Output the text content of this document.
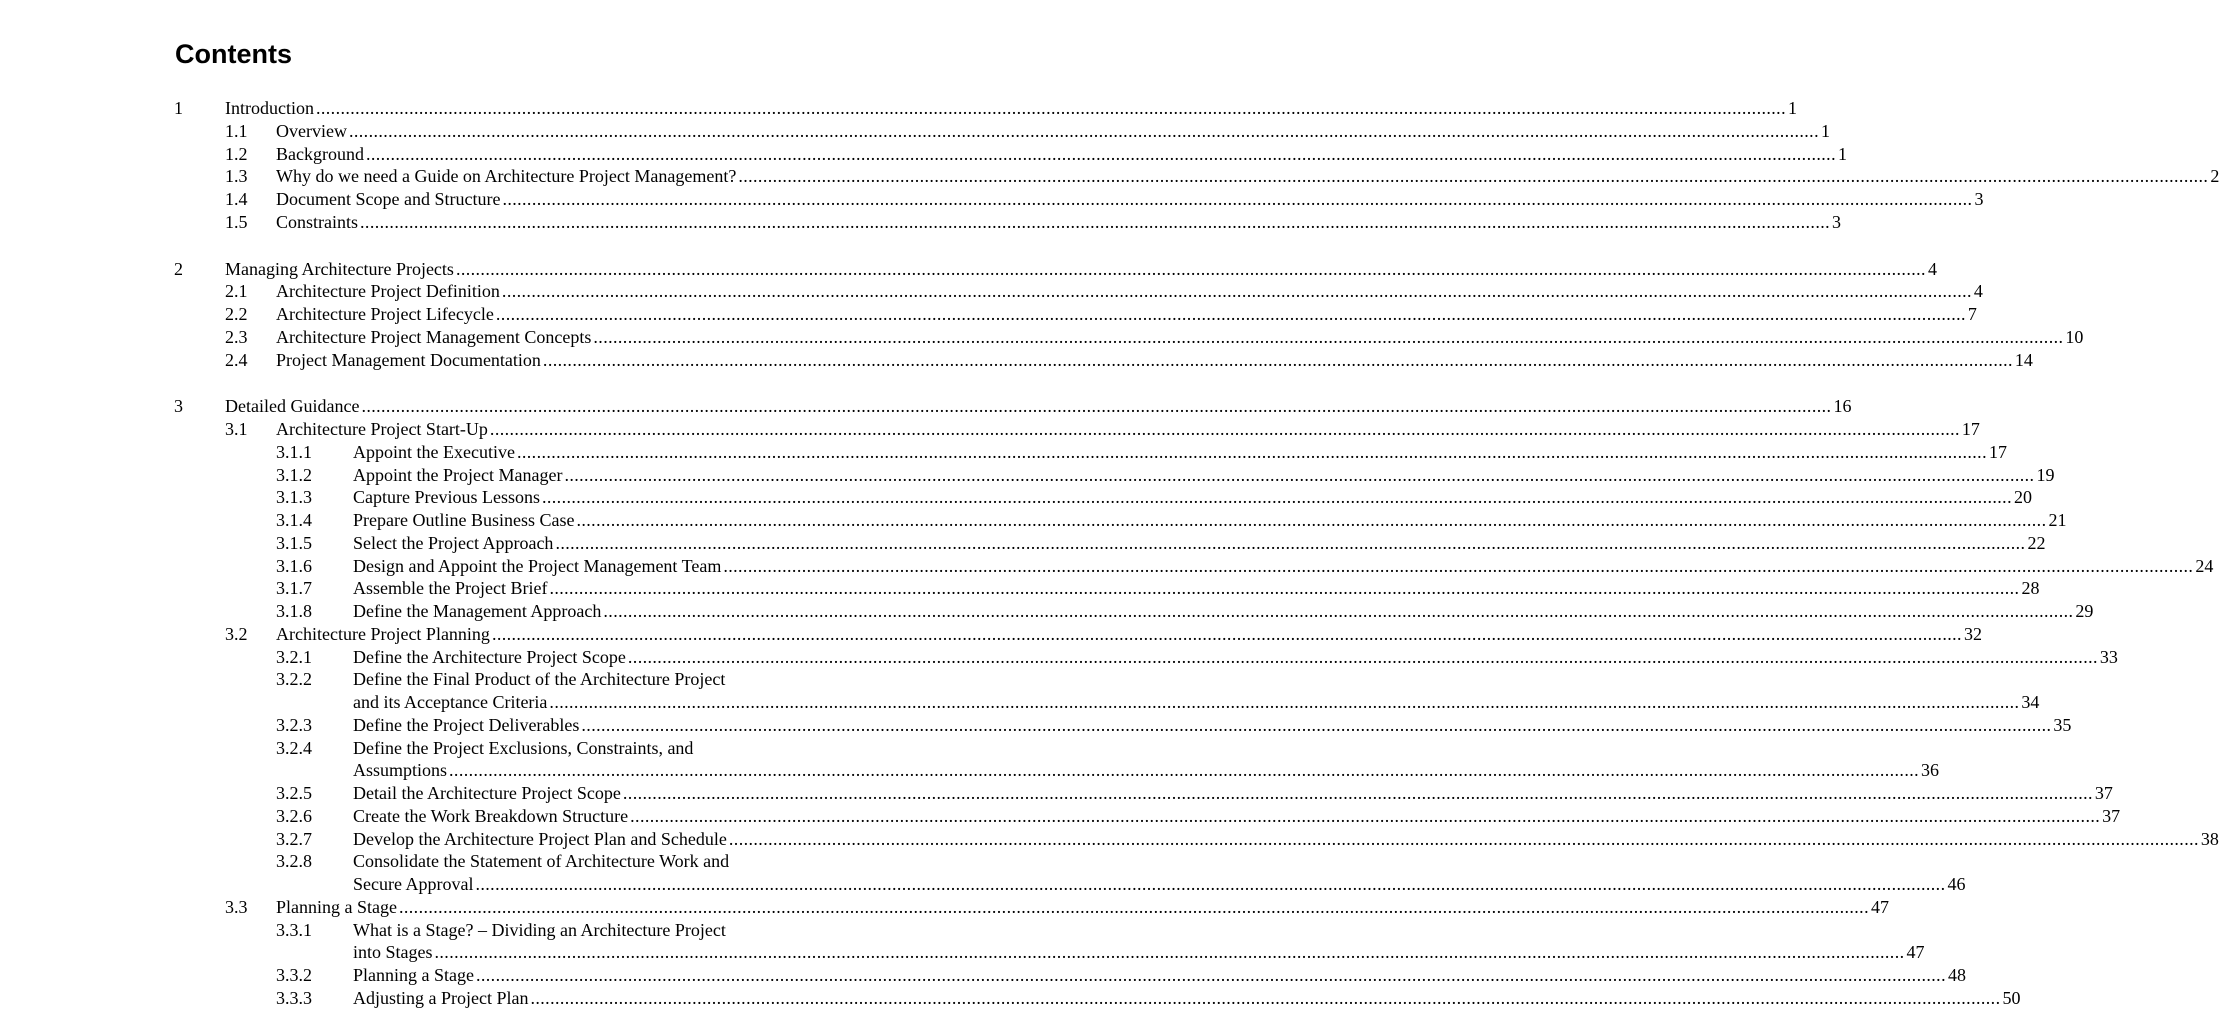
Contents
1 Introduction ............................................................................................................................................................................................................................................................................................................ 1
1.1 Overview ............................................................................................................................................................................................................................................................................................................ 1
1.2 Background ............................................................................................................................................................................................................................................................................................................ 1
1.3 Why do we need a Guide on Architecture Project Management? ............................................................................................................................................................................................................................................................................................................ 2
1.4 Document Scope and Structure ............................................................................................................................................................................................................................................................................................................ 3
1.5 Constraints ............................................................................................................................................................................................................................................................................................................ 3
2 Managing Architecture Projects ............................................................................................................................................................................................................................................................................................................ 4
2.1 Architecture Project Definition ............................................................................................................................................................................................................................................................................................................ 4
2.2 Architecture Project Lifecycle ............................................................................................................................................................................................................................................................................................................ 7
2.3 Architecture Project Management Concepts ............................................................................................................................................................................................................................................................................................................ 10
2.4 Project Management Documentation ............................................................................................................................................................................................................................................................................................................ 14
3 Detailed Guidance ............................................................................................................................................................................................................................................................................................................ 16
3.1 Architecture Project Start-Up ............................................................................................................................................................................................................................................................................................................ 17
3.1.1 Appoint the Executive ............................................................................................................................................................................................................................................................................................................ 17
3.1.2 Appoint the Project Manager ............................................................................................................................................................................................................................................................................................................ 19
3.1.3 Capture Previous Lessons ............................................................................................................................................................................................................................................................................................................ 20
3.1.4 Prepare Outline Business Case ............................................................................................................................................................................................................................................................................................................ 21
3.1.5 Select the Project Approach ............................................................................................................................................................................................................................................................................................................ 22
3.1.6 Design and Appoint the Project Management Team ............................................................................................................................................................................................................................................................................................................ 24
3.1.7 Assemble the Project Brief ............................................................................................................................................................................................................................................................................................................ 28
3.1.8 Define the Management Approach ............................................................................................................................................................................................................................................................................................................ 29
3.2 Architecture Project Planning ............................................................................................................................................................................................................................................................................................................ 32
3.2.1 Define the Architecture Project Scope ............................................................................................................................................................................................................................................................................................................ 33
3.2.2 Define the Final Product of the Architecture Project
and its Acceptance Criteria ............................................................................................................................................................................................................................................................................................................ 34
3.2.3 Define the Project Deliverables ............................................................................................................................................................................................................................................................................................................ 35
3.2.4 Define the Project Exclusions, Constraints, and
Assumptions ............................................................................................................................................................................................................................................................................................................ 36
3.2.5 Detail the Architecture Project Scope ............................................................................................................................................................................................................................................................................................................ 37
3.2.6 Create the Work Breakdown Structure ............................................................................................................................................................................................................................................................................................................ 37
3.2.7 Develop the Architecture Project Plan and Schedule ............................................................................................................................................................................................................................................................................................................ 38
3.2.8 Consolidate the Statement of Architecture Work and
Secure Approval ............................................................................................................................................................................................................................................................................................................ 46
3.3 Planning a Stage ............................................................................................................................................................................................................................................................................................................ 47
3.3.1 What is a Stage? – Dividing an Architecture Project
into Stages ............................................................................................................................................................................................................................................................................................................ 47
3.3.2 Planning a Stage ............................................................................................................................................................................................................................................................................................................ 48
3.3.3 Adjusting a Project Plan ............................................................................................................................................................................................................................................................................................................ 50
